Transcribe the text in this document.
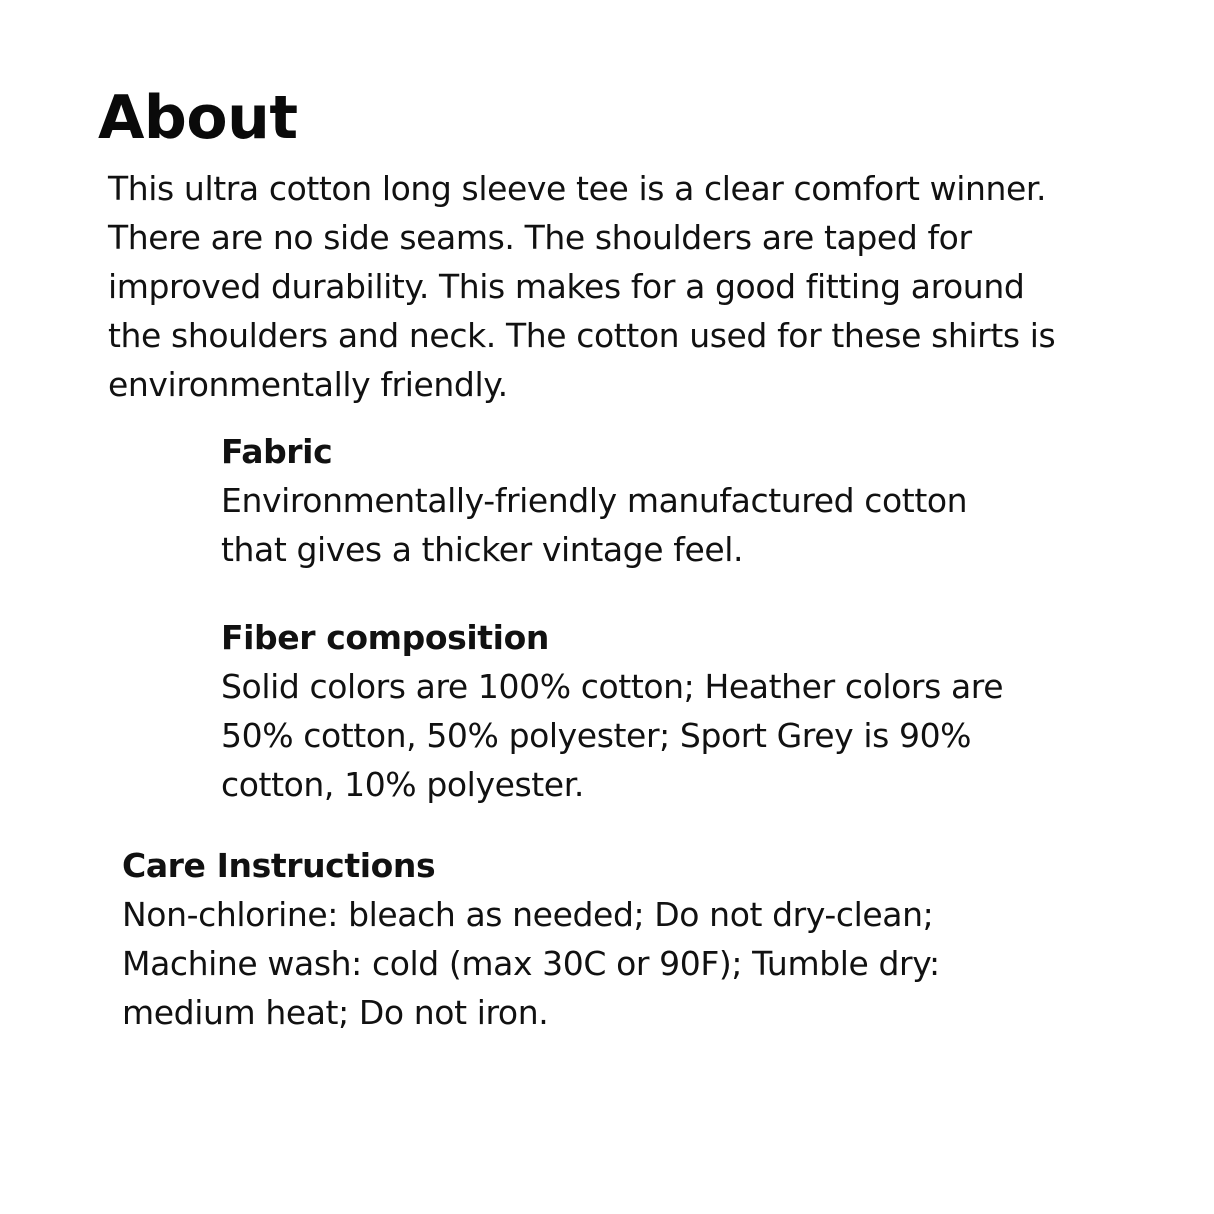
About

This ultra cotton long sleeve tee is a clear comfort winner.
There are no side seams. The shoulders are taped for
improved durability. This makes for a good fitting around
the shoulders and neck. The cotton used for these shirts is
environmentally friendly.

Fabric

Environmentally-friendly manufactured cotton
that gives a thicker vintage feel.

Fiber composition

Solid colors are 100% cotton; Heather colors are
50% cotton, 50% polyester; Sport Grey is 90%
cotton, 10% polyester.

Care Instructions

Non-chlorine: bleach as needed; Do not dry-clean;
Machine wash: cold (max 30C or 90F); Tumble dry:
medium heat; Do not iron.
